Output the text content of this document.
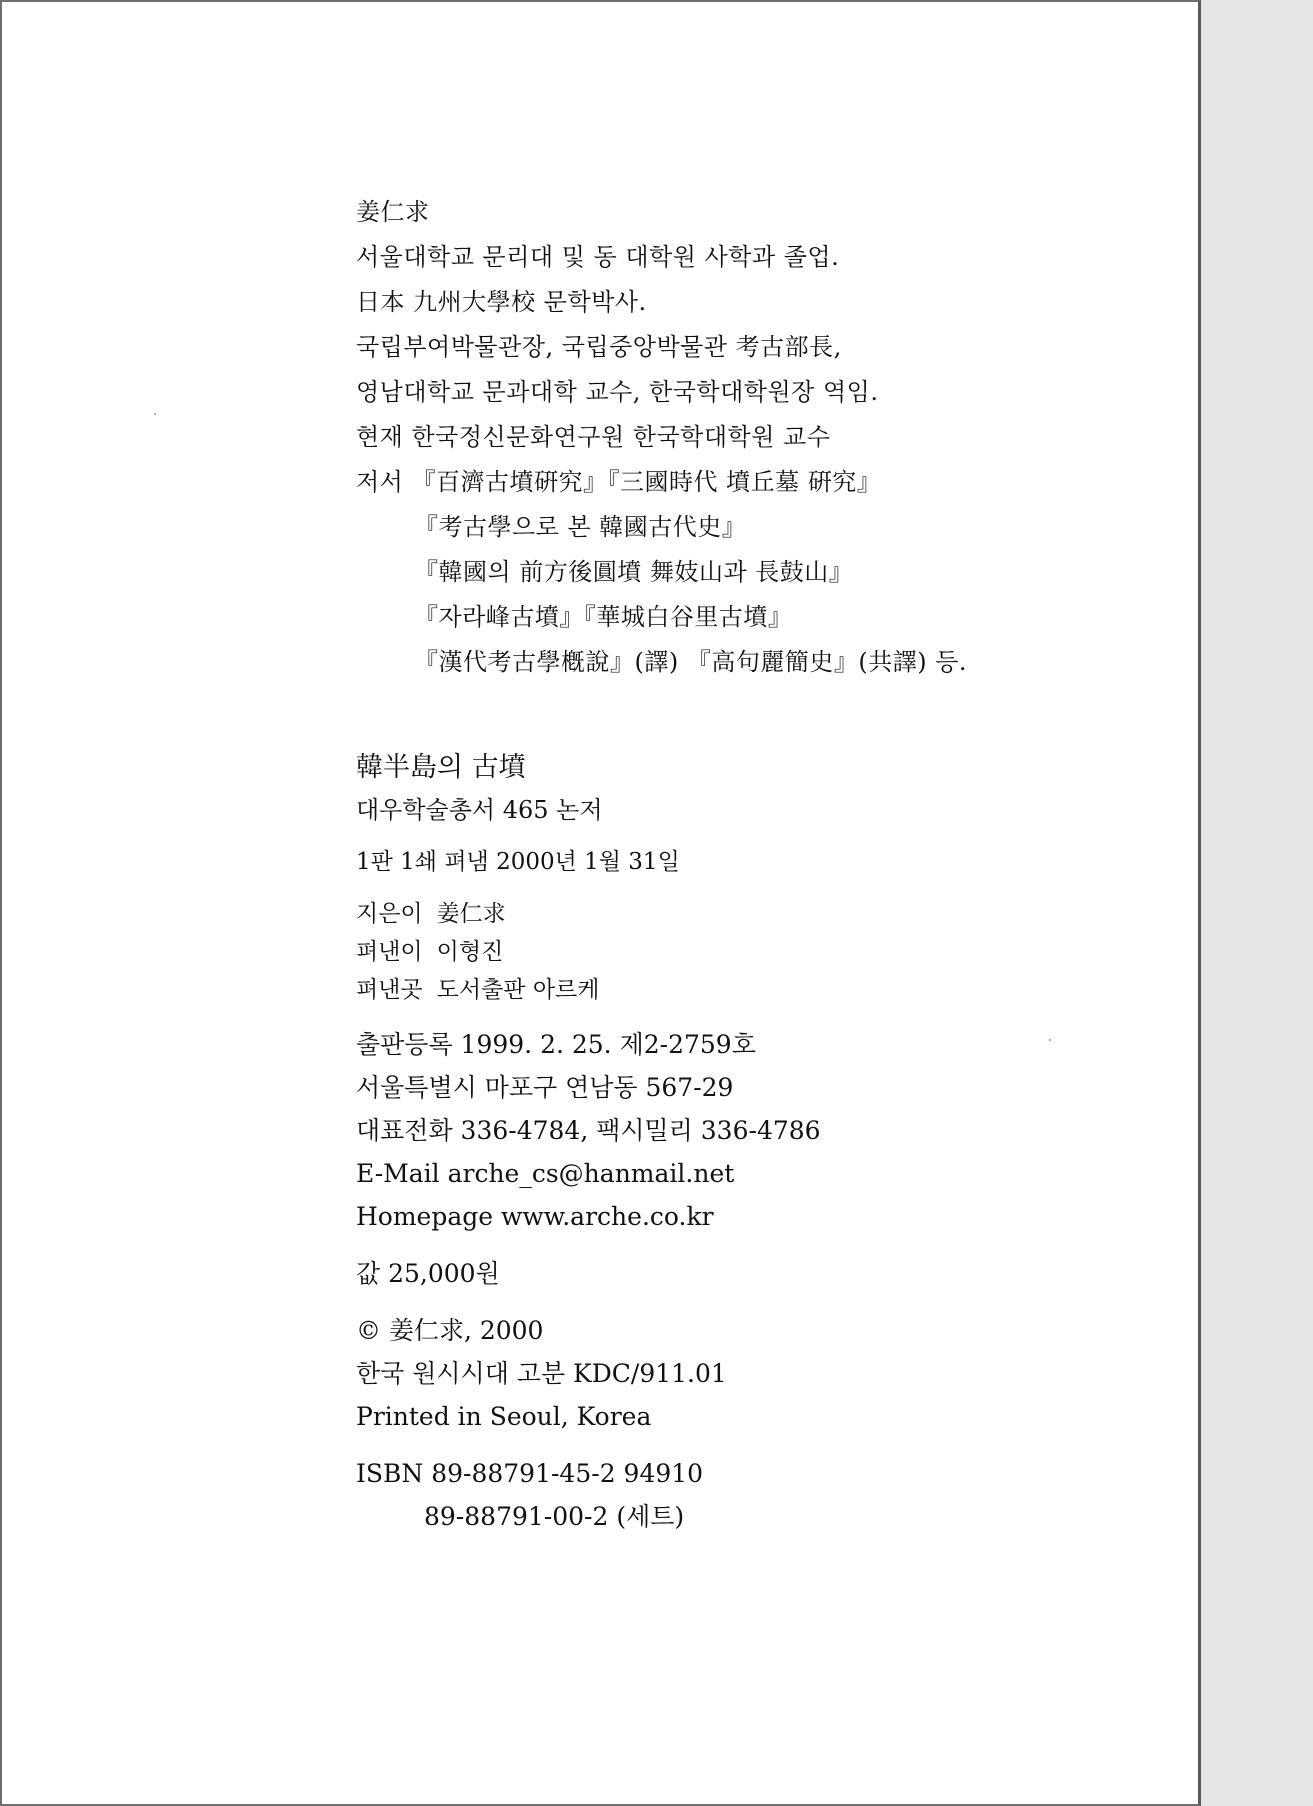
姜仁求
서울대학교 문리대 및 동 대학원 사학과 졸업.
日本 九州大學校 문학박사.
국립부여박물관장, 국립중앙박물관 考古部長,
영남대학교 문과대학 교수, 한국학대학원장 역임.
현재 한국정신문화연구원 한국학대학원 교수
저서 『百濟古墳硏究』『三國時代 墳丘墓 硏究』
『考古學으로 본 韓國古代史』
『韓國의 前方後圓墳 舞妓山과 長鼓山』
『자라峰古墳』『華城白谷里古墳』
『漢代考古學槪說』(譯) 『高句麗簡史』(共譯) 등.
韓半島의 古墳
대우학술총서 465 논저
1판 1쇄 펴냄 2000년 1월 31일
지은이 姜仁求
펴낸이 이형진
펴낸곳 도서출판 아르케
출판등록 1999. 2. 25. 제2-2759호
서울특별시 마포구 연남동 567-29
대표전화 336-4784, 팩시밀리 336-4786
E-Mail arche_cs@hanmail.net
Homepage www.arche.co.kr
값 25,000원
© 姜仁求, 2000
한국 원시시대 고분 KDC/911.01
Printed in Seoul, Korea
ISBN 89-88791-45-2 94910
89-88791-00-2 (세트)
